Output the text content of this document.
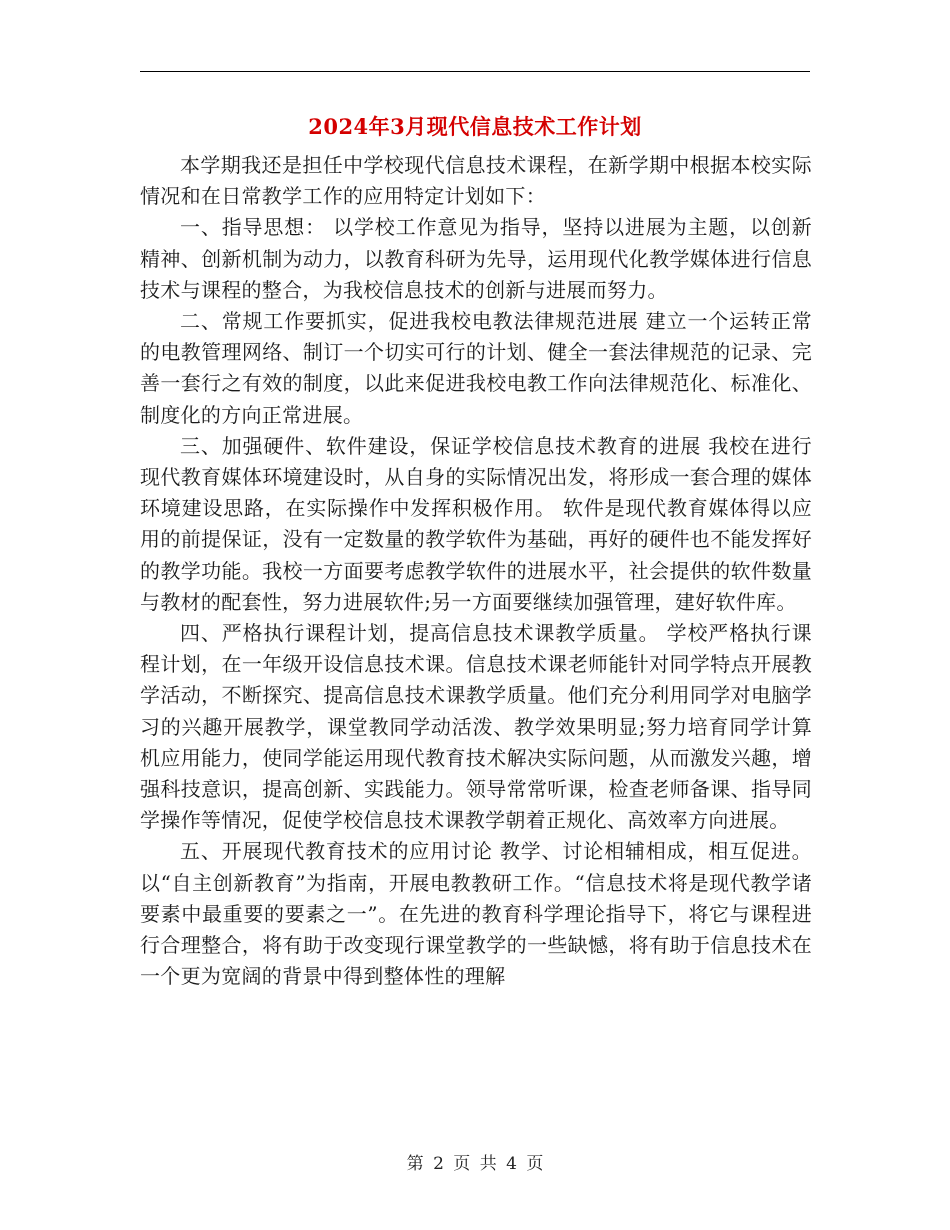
2024年3月现代信息技术工作计划

本学期我还是担任中学校现代信息技术课程，在新学期中根据本校实际情况和在日常教学工作的应用特定计划如下：

一、指导思想： 以学校工作意见为指导，坚持以进展为主题，以创新精神、创新机制为动力，以教育科研为先导，运用现代化教学媒体进行信息技术与课程的整合，为我校信息技术的创新与进展而努力。

二、常规工作要抓实，促进我校电教法律规范进展 建立一个运转正常的电教管理网络、制订一个切实可行的计划、健全一套法律规范的记录、完善一套行之有效的制度，以此来促进我校电教工作向法律规范化、标准化、制度化的方向正常进展。

三、加强硬件、软件建设，保证学校信息技术教育的进展 我校在进行现代教育媒体环境建设时，从自身的实际情况出发，将形成一套合理的媒体环境建设思路，在实际操作中发挥积极作用。 软件是现代教育媒体得以应用的前提保证，没有一定数量的教学软件为基础，再好的硬件也不能发挥好的教学功能。我校一方面要考虑教学软件的进展水平，社会提供的软件数量与教材的配套性，努力进展软件;另一方面要继续加强管理，建好软件库。

四、严格执行课程计划，提高信息技术课教学质量。 学校严格执行课程计划，在一年级开设信息技术课。信息技术课老师能针对同学特点开展教学活动，不断探究、提高信息技术课教学质量。他们充分利用同学对电脑学习的兴趣开展教学，课堂教同学动活泼、教学效果明显;努力培育同学计算机应用能力，使同学能运用现代教育技术解决实际问题，从而激发兴趣，增强科技意识，提高创新、实践能力。领导常常听课，检查老师备课、指导同学操作等情况，促使学校信息技术课教学朝着正规化、高效率方向进展。

五、开展现代教育技术的应用讨论 教学、讨论相辅相成，相互促进。以“自主创新教育”为指南，开展电教教研工作。“信息技术将是现代教学诸要素中最重要的要素之一”。在先进的教育科学理论指导下，将它与课程进行合理整合，将有助于改变现行课堂教学的一些缺憾，将有助于信息技术在一个更为宽阔的背景中得到整体性的理解

第 2 页 共 4 页
